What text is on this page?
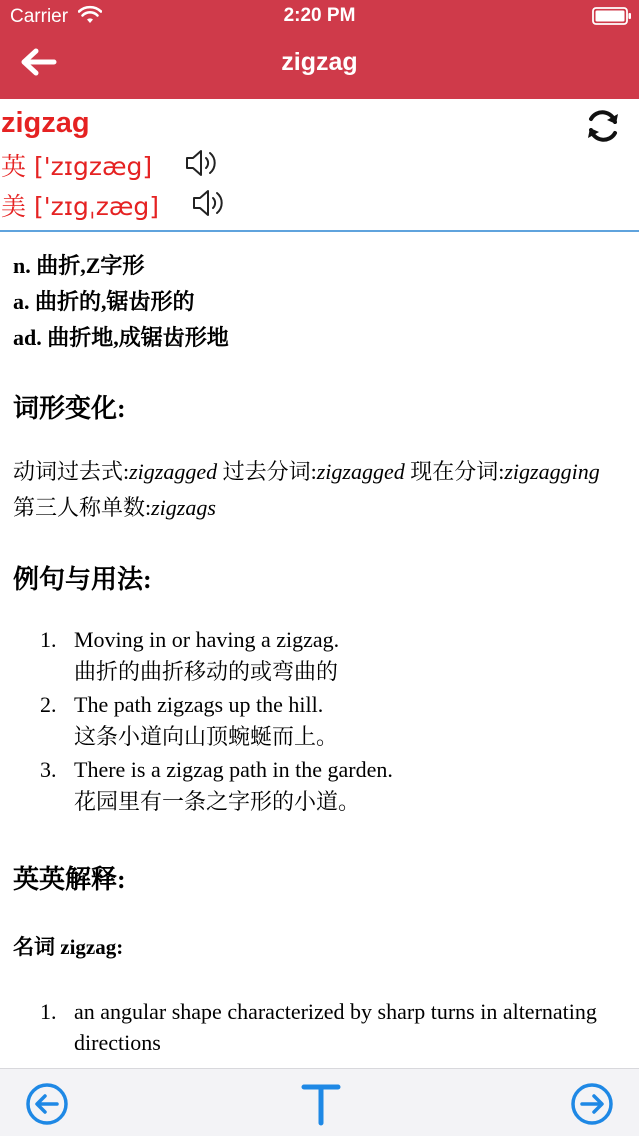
Carrier	2:20 PM
zigzag
zigzag
英 ['zɪgzæg]
美 ['zɪgˌzæg]
n. 曲折,Z字形
a. 曲折的,锯齿形的
ad. 曲折地,成锯齿形地
词形变化:
动词过去式:zigzagged 过去分词:zigzagged 现在分词:zigzagging 第三人称单数:zigzags
例句与用法:
1. Moving in or having a zigzag.
曲折的曲折移动的或弯曲的
2. The path zigzags up the hill.
这条小道向山顶蜿蜒而上。
3. There is a zigzag path in the garden.
花园里有一条之字形的小道。
英英解释:
名词 zigzag:
1. an angular shape characterized by sharp turns in alternating directions
